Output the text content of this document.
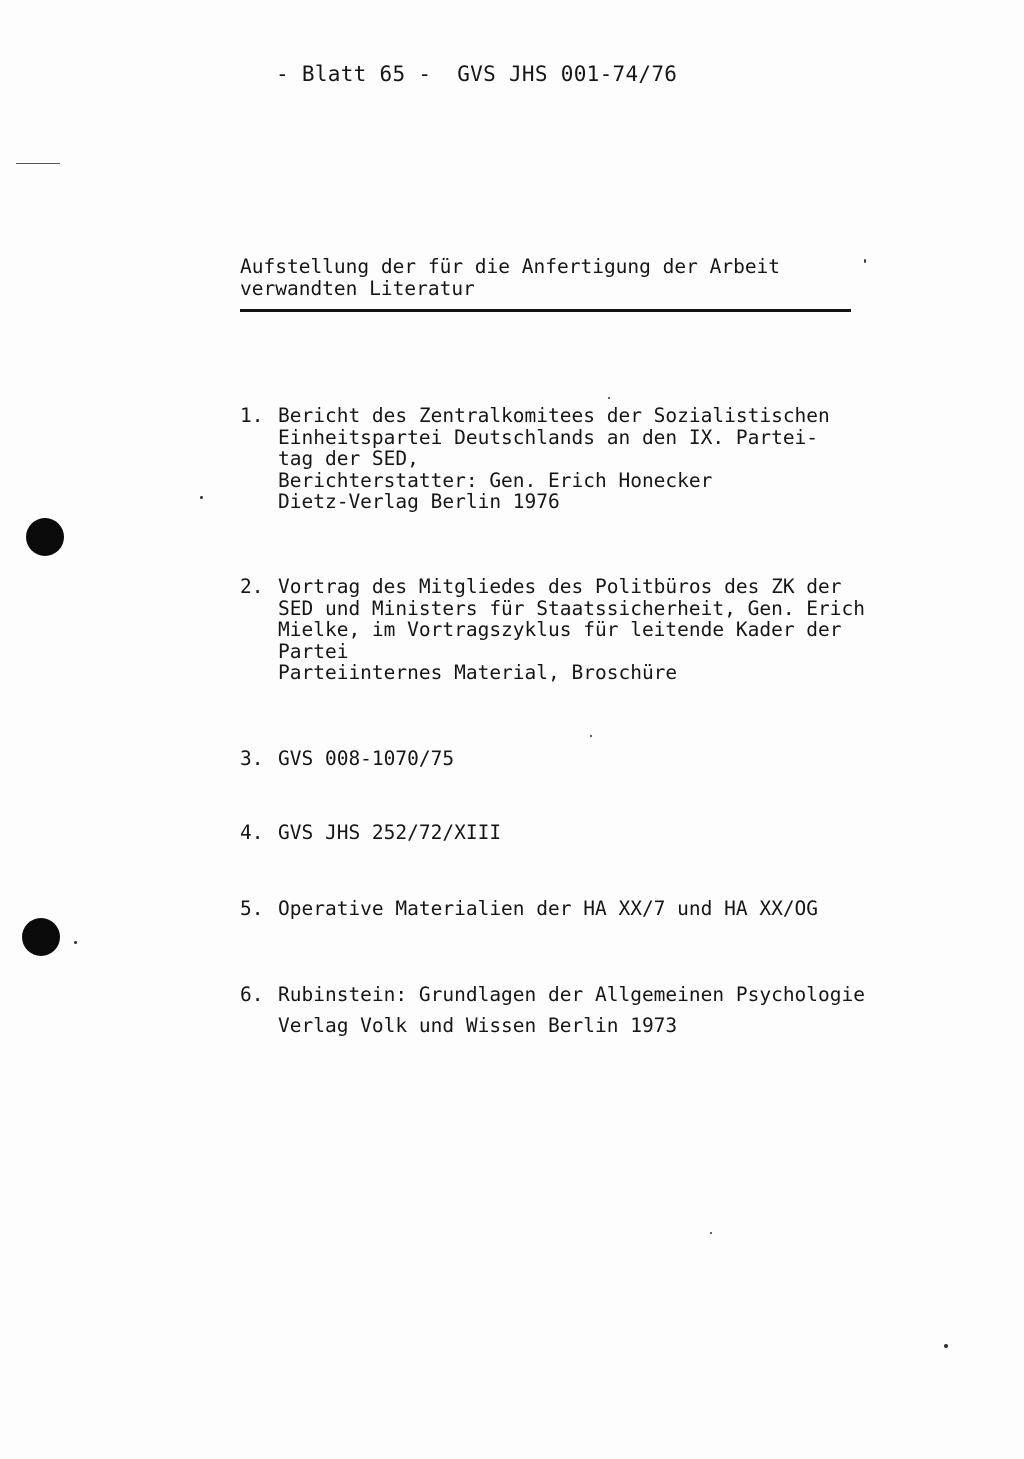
- Blatt 65 -  GVS JHS 001-74/76
Aufstellung der für die Anfertigung der Arbeit
verwandten Literatur
1. Bericht des Zentralkomitees der Sozialistischen
Einheitspartei Deutschlands an den IX. Partei-
tag der SED,
Berichterstatter: Gen. Erich Honecker
Dietz-Verlag Berlin 1976
2. Vortrag des Mitgliedes des Politbüros des ZK der
SED und Ministers für Staatssicherheit, Gen. Erich
Mielke, im Vortragszyklus für leitende Kader der
Partei
Parteiinternes Material, Broschüre
3. GVS 008-1070/75
4. GVS JHS 252/72/XIII
5. Operative Materialien der HA XX/7 und HA XX/OG
6. Rubinstein: Grundlagen der Allgemeinen Psychologie
Verlag Volk und Wissen Berlin 1973
